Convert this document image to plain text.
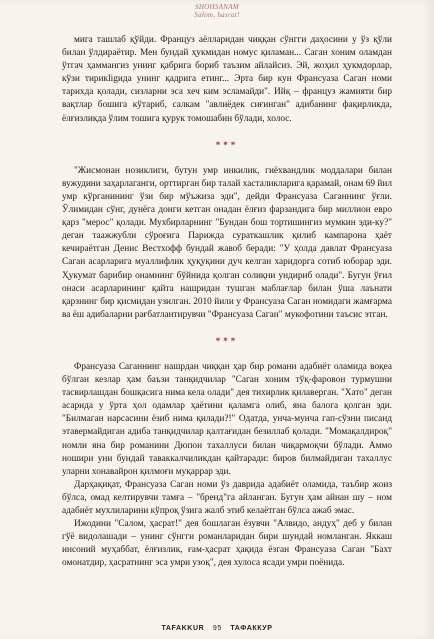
SHOHSANAM
Salom, hasrat!

мига ташлаб қўйди. Француз аёлларидан чиққан сўнгги даҳосини у ўз қўли билан ўлдираётир. Мен бундай ҳукмидан номус қиламан... Саган хоним оламдан ўтгач ҳаммангиз унинг қабрига бориб таъзим айлайсиз. Эй, жоҳил ҳукмдорлар, кўзи тирикligида унинг қадрига етинг... Эрта бир кун Франсуаза Саган номи тарихда қолади, сизларни эса хеч ким эсламайди". Ийқ – француз жамияти бир вақтлар бошига кўтариб, салкам "авлиёдек сиғинган" адибанинг фақирликда, ёлғизликда ўлим тошига қурук томошабин бўлади, холос.

***

"Жисмонан нозиклиги, бутун умр инкилик, гиёхвандлик моддалари билан вужудини заҳарлаганги, орттирган бир талай хасталикларига қарамай, онам 69 йил умр кўрганининг ўзи бир мўъжиза эди", дейди Франсуаза Саганнинг ўғли. Ўлимидан сўнг, дунёга донги кетган онадан ёлғиз фарзандига бир миллион евро қарз "мерос" қолади. Мухбирларнинг "Бундан бош тортишингиз мумкин эди-ку?" деган таажжубли сўроғига Парижда сураткашлик қилиб кампарона ҳаёт кечираётган Денис Вестхофф бундай жавоб беради: "У ҳолда давлат Франсуаза Саган асарларига муаллифлик ҳуқуқини дуч келган харидорга сотиб юборар эди. Ҳукумат барибир онамнинг бўйнида қолган солиқни ундириб олади". Бугун ўғил онаси асарларининг қайта нашридан тушган маблағлар билан ўша лаънати қарзнинг бир қисмидан узилган. 2010 йили у Франсуаза Саган номидаги жамғарма ва ёш адибаларни рағбатлантирувчи "Франсуаза Саган" мукофотини таъсис этган.

***

Франсуаза Саганнинг нашрдан чиққан ҳар бир романи адабиёт оламида воқеа бўлган кезлар ҳам баъзи танқидчилар "Саган хоним тўқ-фаровон турмушни тасвирлашдан бошқасига нима кела олади" дея тихирлик қилаверган. "Хато" деган асарида у ўрта ҳол одамлар ҳаётини қаламга олиб, яна балога қолган эди. "Билмаган нарсасини ёзиб нима қилади?!" Одатда, унча-мунча гап-сўзни писанд этавермайдиган адиба танқидчилар қалтағидан безиллаб қолади. "Момақалдироқ" номли яна бир романини Дюпон тахаллуси билан чиқармоқчи бўлади. Аммо ношири уни бундай таваккалчиликдан қайтаради: биров билмайдиган тахаллус уларни хонавайрон қилмоғи муқаррар эди.

Дарҳақиқат, Франсуаза Саган номи ўз даврида адабиёт оламида, таъбир жоиз бўлса, омад келтирувчи тамға – "бренд"га айланган. Бугун ҳам айнан шу – ном адабиёт мухлиларини кўпроқ ўзига жалб этиб келаётган бўлса ажаб эмас.

Ижодини "Салом, ҳасрат!" дея бошлаган ёзувчи "Алвидо, андуҳ" деб у билан гўё видолашади – унинг сўнгги романларидан бири шундай номланган. Яккаш инсоний муҳаббат, ёлғизлик, ғам-ҳасрат ҳақида ёзган Франсуаза Саган "Бахт омонатдир, ҳасратнинг эса умри узоқ", дея хулоса ясади умри поёнида.

TAFAKKUR 95 ТАФАККУР
